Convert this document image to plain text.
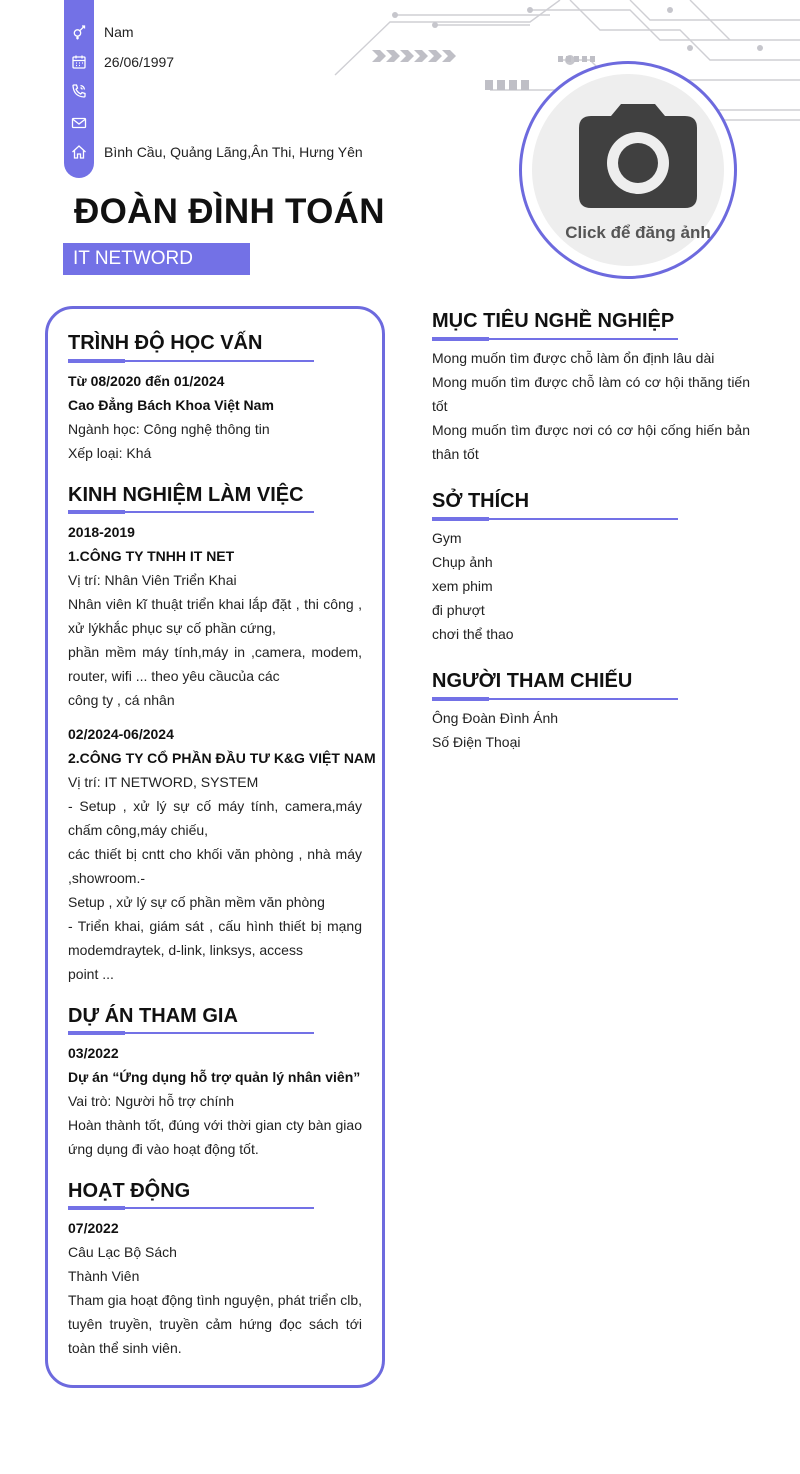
Nam
26/06/1997
Bình Cầu, Quảng Lãng,Ân Thi, Hưng Yên
ĐOÀN ĐÌNH TOÁN
IT NETWORD
Click để đăng ảnh
TRÌNH ĐỘ HỌC VẤN
Từ 08/2020 đến 01/2024
Cao Đẳng Bách Khoa Việt Nam
Ngành học: Công nghệ thông tin
Xếp loại: Khá
KINH NGHIỆM LÀM VIỆC
2018-2019
1.CÔNG TY TNHH IT NET
Vị trí: Nhân Viên Triển Khai
Nhân viên kĩ thuật triển khai lắp đặt , thi công ,
xử lýkhắc phục sự cố phần cứng,
phần mềm máy tính,máy in ,camera, modem,
router, wifi ... theo yêu cầucủa các
công ty , cá nhân
02/2024-06/2024
2.CÔNG TY CỔ PHẦN ĐẦU TƯ K&G VIỆT NAM
Vị trí: IT NETWORD, SYSTEM
- Setup , xử lý sự cố máy tính, camera,máy
chấm công,máy chiếu,
các thiết bị cntt cho khối văn phòng , nhà máy
,showroom.-
Setup , xử lý sự cố phần mềm văn phòng
- Triển khai, giám sát , cấu hình thiết bị mạng
modemdraytek, d-link, linksys, access
point ...
DỰ ÁN THAM GIA
03/2022
Dự án “Ứng dụng hỗ trợ quản lý nhân viên”
Vai trò: Người hỗ trợ chính
Hoàn thành tốt, đúng với thời gian cty bàn giao
ứng dụng đi vào hoạt động tốt.
HOẠT ĐỘNG
07/2022
Câu Lạc Bộ Sách
Thành Viên
Tham gia hoạt động tình nguyện, phát triển clb,
tuyên truyền, truyền cảm hứng đọc sách tới
toàn thể sinh viên.
MỤC TIÊU NGHỀ NGHIỆP
Mong muốn tìm được chỗ làm ổn định lâu dài
Mong muốn tìm được chỗ làm có cơ hội thăng tiến
tốt
Mong muốn tìm được nơi có cơ hội cống hiến bản
thân tốt
SỞ THÍCH
Gym
Chụp ảnh
xem phim
đi phượt
chơi thể thao
NGƯỜI THAM CHIẾU
Ông Đoàn Đình Ánh
Số Điện Thoại
